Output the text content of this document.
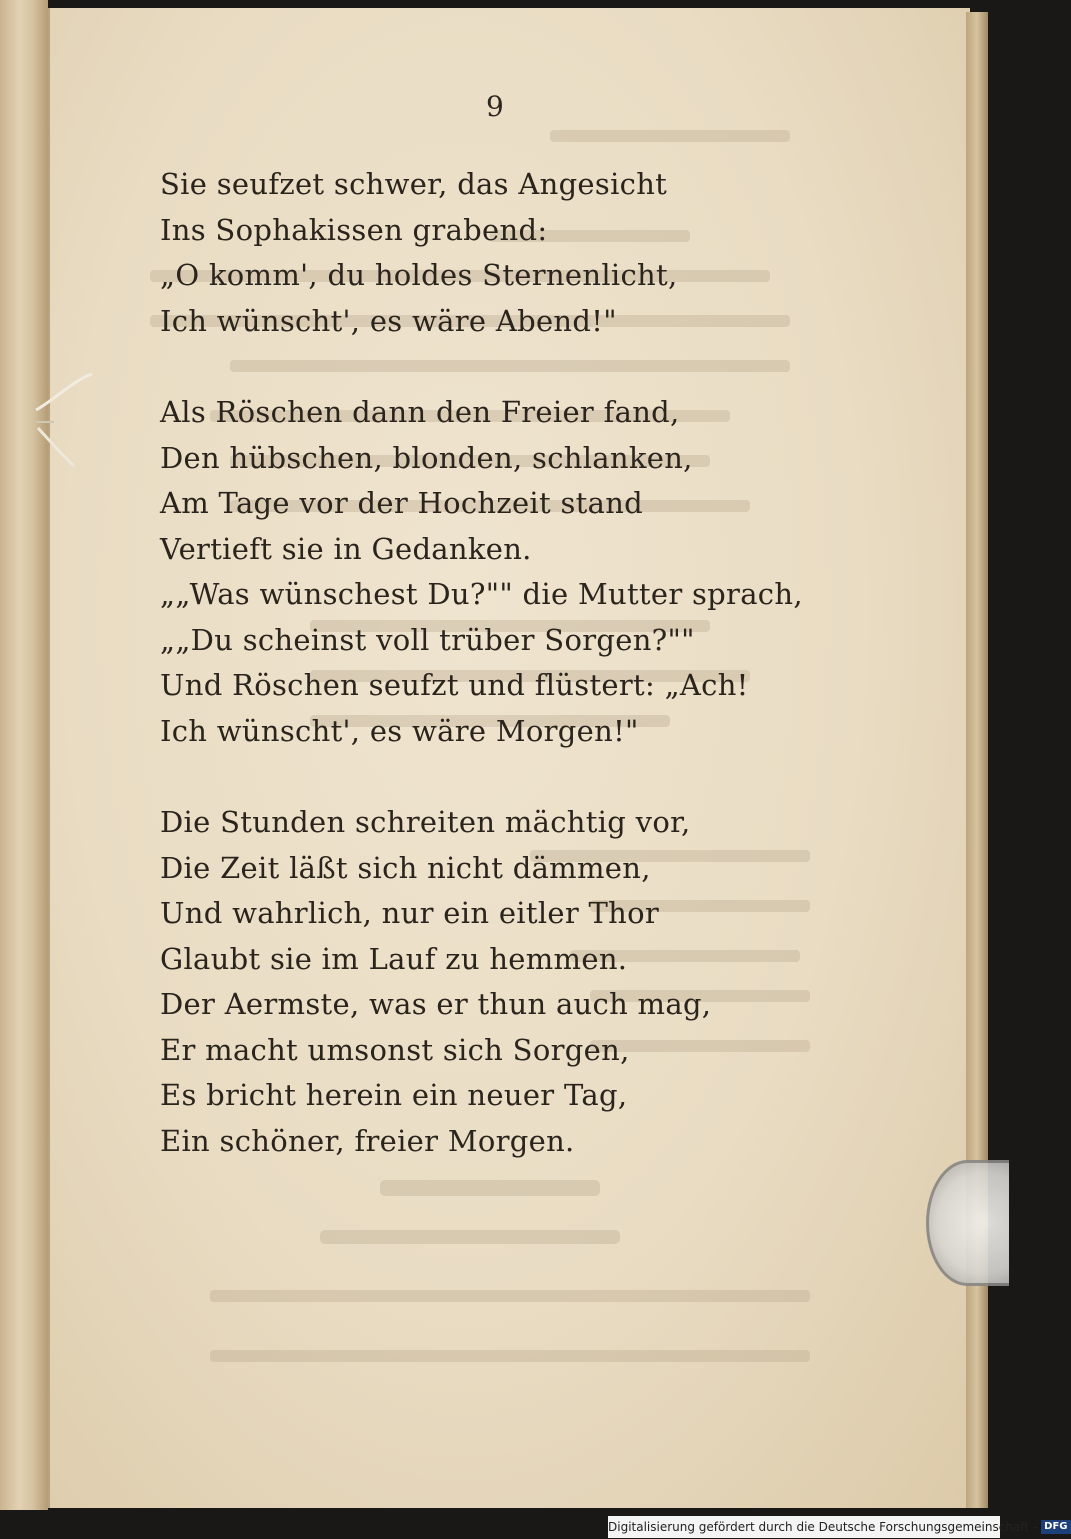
9
Sie seufzet schwer, das Angesicht
Ins Sophakissen grabend:
„O komm', du holdes Sternenlicht,
Ich wünscht', es wäre Abend!"
Als Röschen dann den Freier fand,
Den hübschen, blonden, schlanken,
Am Tage vor der Hochzeit stand
Vertieft sie in Gedanken.
„„Was wünschest Du?"" die Mutter sprach,
„„Du scheinst voll trüber Sorgen?""
Und Röschen seufzt und flüstert: „Ach!
Ich wünscht', es wäre Morgen!"
Die Stunden schreiten mächtig vor,
Die Zeit läßt sich nicht dämmen,
Und wahrlich, nur ein eitler Thor
Glaubt sie im Lauf zu hemmen.
Der Aermste, was er thun auch mag,
Er macht umsonst sich Sorgen,
Es bricht herein ein neuer Tag,
Ein schöner, freier Morgen.
Digitalisierung gefördert durch die Deutsche Forschungsgemeinschaft - DFG
